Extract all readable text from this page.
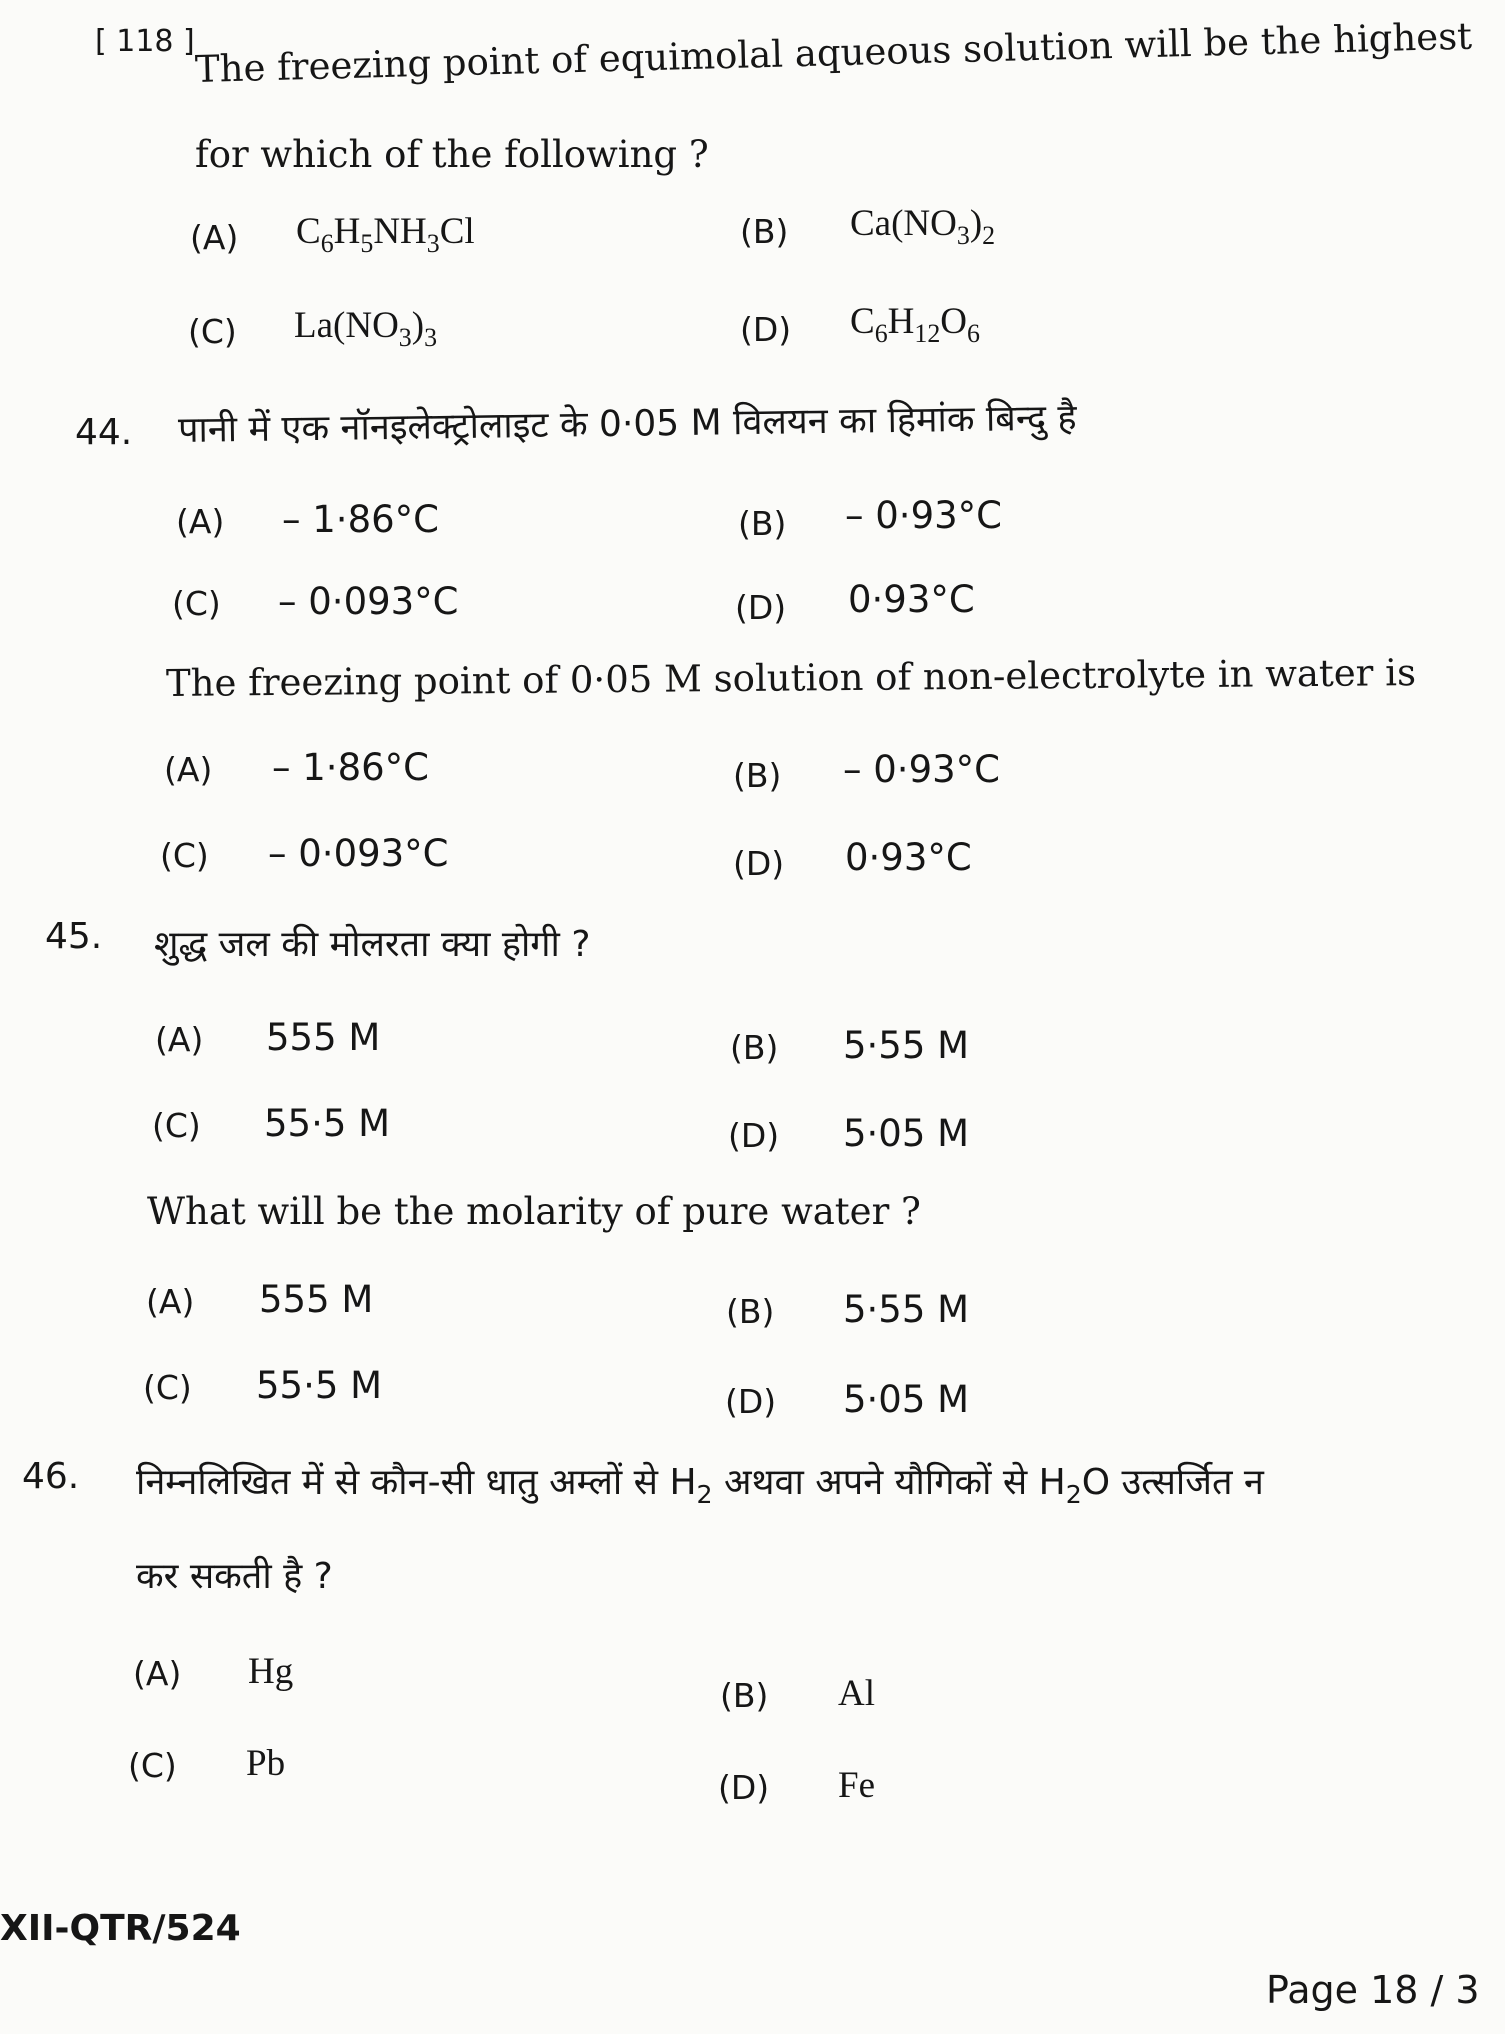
[ 118 ] The freezing point of equimolal aqueous solution will be the highest
for which of the following ?
(A) $C_6H_5NH_3Cl$	(B) $Ca(NO_3)_2$
(C) $La(NO_3)_3$	(D) $C_6H_{12}O_6$
44. पानी में एक नॉनइलेक्ट्रोलाइट के 0·05 M विलयन का हिमांक बिन्दु है
(A) – 1·86°C	(B) – 0·93°C
(C) – 0·093°C	(D) 0·93°C
The freezing point of 0·05 M solution of non-electrolyte in water is
(A) – 1·86°C	(B) – 0·93°C
(C) – 0·093°C	(D) 0·93°C
45. शुद्ध जल की मोलरता क्या होगी ?
(A) 555 M	(B) 5·55 M
(C) 55·5 M	(D) 5·05 M
What will be the molarity of pure water ?
(A) 555 M	(B) 5·55 M
(C) 55·5 M	(D) 5·05 M
46. निम्नलिखित में से कौन-सी धातु अम्लों से $H_2$ अथवा अपने यौगिकों से $H_2O$ उत्सर्जित न
कर सकती है ?
(A) Hg
(B) Al
(C) Pb
(D) Fe
XII-QTR/524
Page 18 / 3
